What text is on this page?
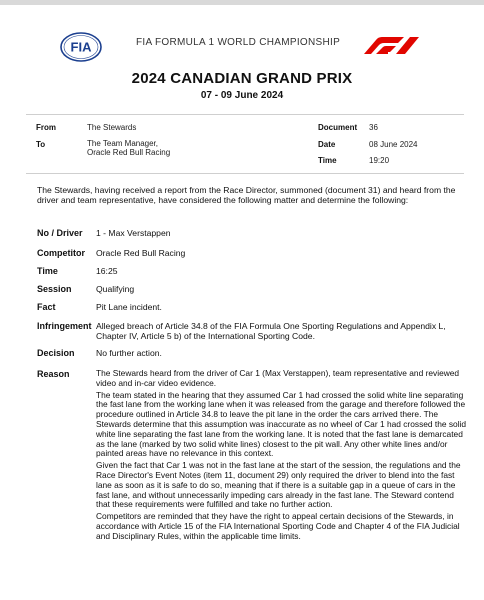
FIA	FIA FORMULA 1 WORLD CHAMPIONSHIP
2024 CANADIAN GRAND PRIX
07 - 09 June 2024
From	The Stewards
To	The Team Manager,
Oracle Red Bull Racing
Document 36
Date	08 June 2024
Time	19:20
The Stewards, having received a report from the Race Director, summoned (document 31) and heard from the driver and team representative, have considered the following matter and determine the following:
No / Driver 1 - Max Verstappen
Competitor Oracle Red Bull Racing
Time	16:25
Session	Qualifying
Fact	Pit Lane incident.
Infringement Alleged breach of Article 34.8 of the FIA Formula One Sporting Regulations and Appendix L, Chapter IV, Article 5 b) of the International Sporting Code.
Decision No further action.
Reason	The Stewards heard from the driver of Car 1 (Max Verstappen), team representative and reviewed video and in-car video evidence.

The team stated in the hearing that they assumed Car 1 had crossed the solid white line separating the fast lane from the working lane when it was released from the garage and therefore followed the procedure outlined in Article 34.8 to leave the pit lane in the order the cars arrived there. The Stewards determine that this assumption was inaccurate as no wheel of Car 1 had crossed the solid white line separating the fast lane from the working lane. It is noted that the fast lane is demarcated as the lane (marked by two solid white lines) closest to the pit wall. Any other white lines and/or painted areas have no relevance in this context.

Given the fact that Car 1 was not in the fast lane at the start of the session, the regulations and the Race Director's Event Notes (item 11, document 29) only required the driver to blend into the fast lane as soon as it is safe to do so, meaning that if there is a suitable gap in a queue of cars in the fast lane, and without unnecessarily impeding cars already in the fast lane. The Steward contend that these requirements were fulfilled and take no further action.

Competitors are reminded that they have the right to appeal certain decisions of the Stewards, in accordance with Article 15 of the FIA International Sporting Code and Chapter 4 of the FIA Judicial and Disciplinary Rules, within the applicable time limits.
